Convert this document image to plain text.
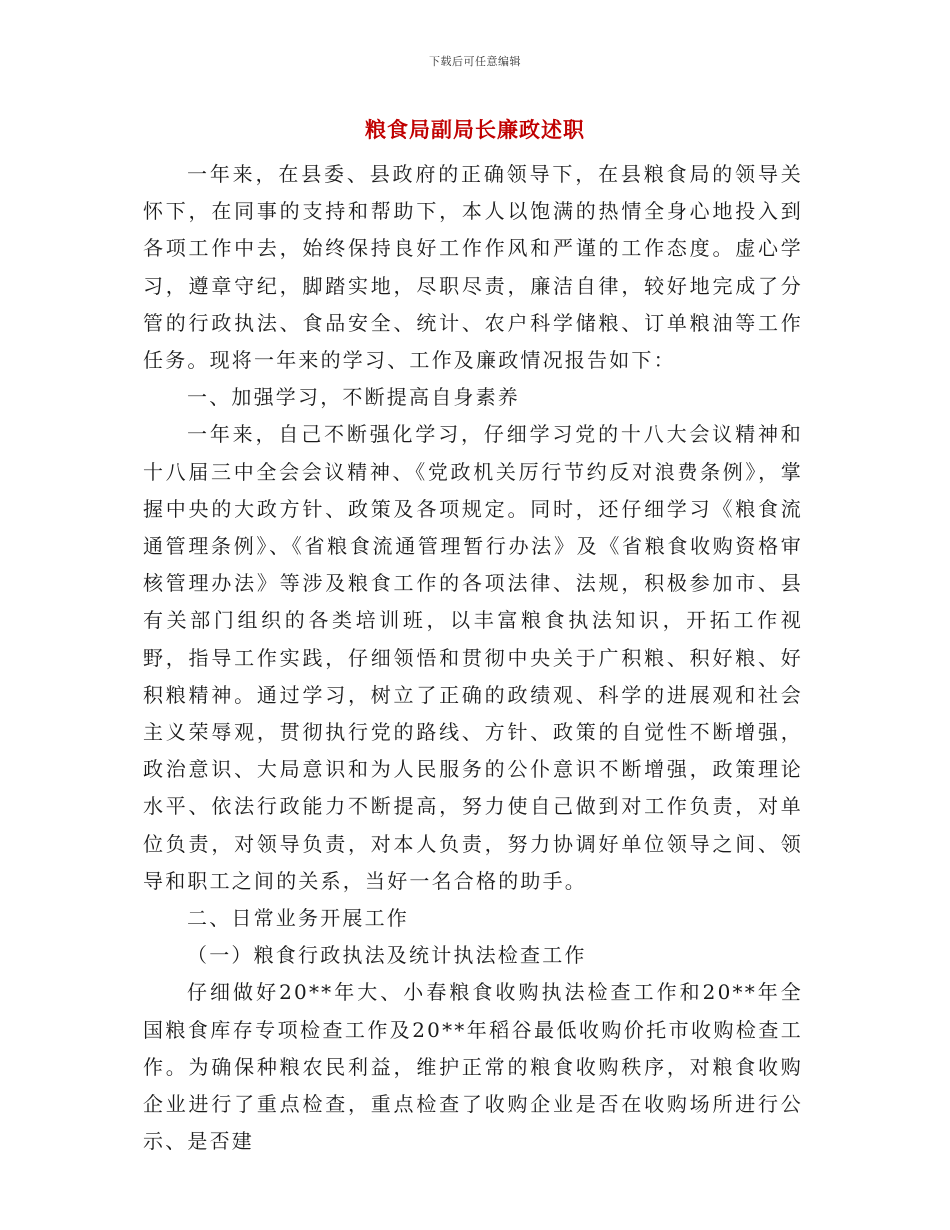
下载后可任意编辑
粮食局副局长廉政述职

一年来，在县委、县政府的正确领导下，在县粮食局的领导关怀下，在同事的支持和帮助下，本人以饱满的热情全身心地投入到各项工作中去，始终保持良好工作作风和严谨的工作态度。虚心学习，遵章守纪，脚踏实地，尽职尽责，廉洁自律，较好地完成了分管的行政执法、食品安全、统计、农户科学储粮、订单粮油等工作任务。现将一年来的学习、工作及廉政情况报告如下：

一、加强学习，不断提高自身素养

一年来，自己不断强化学习，仔细学习党的十八大会议精神和十八届三中全会会议精神、《党政机关厉行节约反对浪费条例》，掌握中央的大政方针、政策及各项规定。同时，还仔细学习《粮食流通管理条例》、《省粮食流通管理暂行办法》及《省粮食收购资格审核管理办法》等涉及粮食工作的各项法律、法规，积极参加市、县有关部门组织的各类培训班，以丰富粮食执法知识，开拓工作视野，指导工作实践，仔细领悟和贯彻中央关于广积粮、积好粮、好积粮精神。通过学习，树立了正确的政绩观、科学的进展观和社会主义荣辱观，贯彻执行党的路线、方针、政策的自觉性不断增强，政治意识、大局意识和为人民服务的公仆意识不断增强，政策理论水平、依法行政能力不断提高，努力使自己做到对工作负责，对单位负责，对领导负责，对本人负责，努力协调好单位领导之间、领导和职工之间的关系，当好一名合格的助手。

二、日常业务开展工作

（一）粮食行政执法及统计执法检查工作

仔细做好20**年大、小春粮食收购执法检查工作和20**年全国粮食库存专项检查工作及20**年稻谷最低收购价托市收购检查工作。为确保种粮农民利益，维护正常的粮食收购秩序，对粮食收购企业进行了重点检查，重点检查了收购企业是否在收购场所进行公示、是否建
